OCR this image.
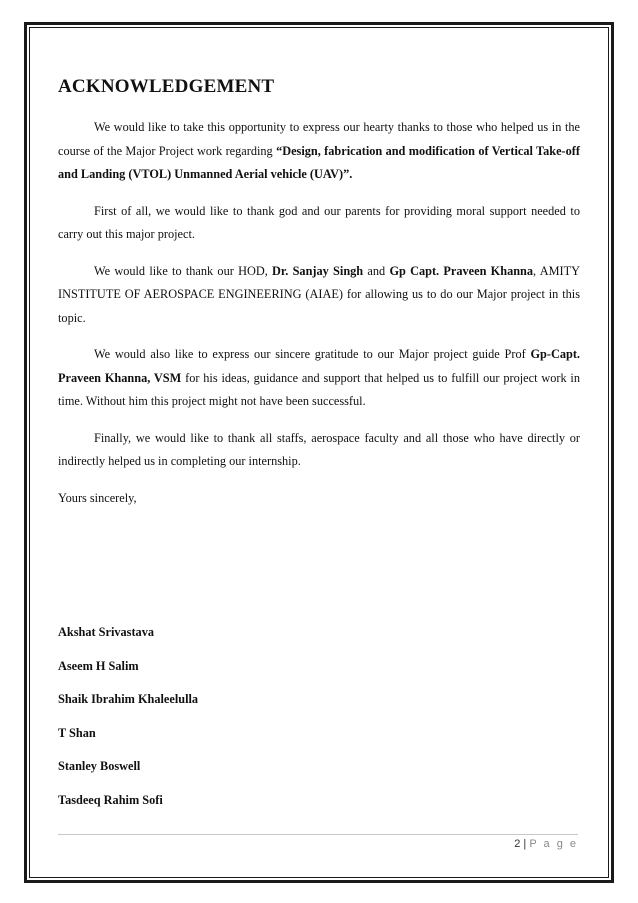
ACKNOWLEDGEMENT

We would like to take this opportunity to express our hearty thanks to those who helped us in the course of the Major Project work regarding “Design, fabrication and modification of Vertical Take-off and Landing (VTOL) Unmanned Aerial vehicle (UAV)”.

First of all, we would like to thank god and our parents for providing moral support needed to carry out this major project.

We would like to thank our HOD, Dr. Sanjay Singh and Gp Capt. Praveen Khanna, AMITY INSTITUTE OF AEROSPACE ENGINEERING (AIAE) for allowing us to do our Major project in this topic.

We would also like to express our sincere gratitude to our Major project guide Prof Gp-Capt. Praveen Khanna, VSM for his ideas, guidance and support that helped us to fulfill our project work in time. Without him this project might not have been successful.

Finally, we would like to thank all staffs, aerospace faculty and all those who have directly or indirectly helped us in completing our internship.

Yours sincerely,

Akshat Srivastava
Aseem H Salim
Shaik Ibrahim Khaleelulla
T Shan
Stanley Boswell
Tasdeeq Rahim Sofi
2 | P a g e
